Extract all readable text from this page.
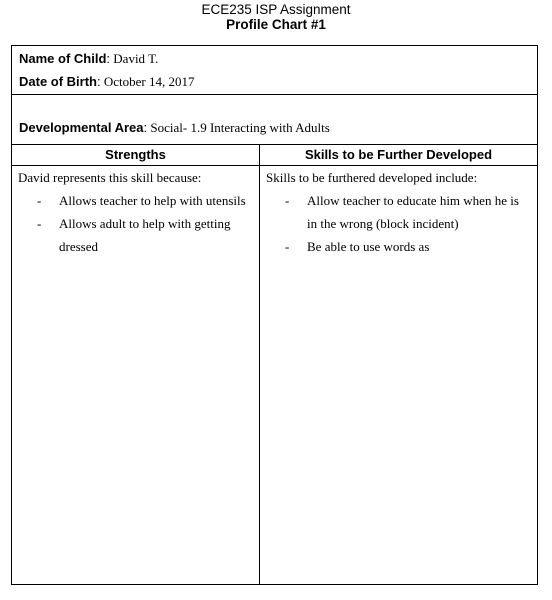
ECE235 ISP Assignment
Profile Chart #1
Name of Child: David T.
Date of Birth: October 14, 2017
Developmental Area: Social- 1.9 Interacting with Adults
Strengths

David represents this skill because:

- Allows teacher to help with utensils
- Allows adult to help with getting dressed
Skills to be Further Developed

Skills to be furthered developed include:

- Allow teacher to educate him when he is in the wrong (block incident)
- Be able to use words as
